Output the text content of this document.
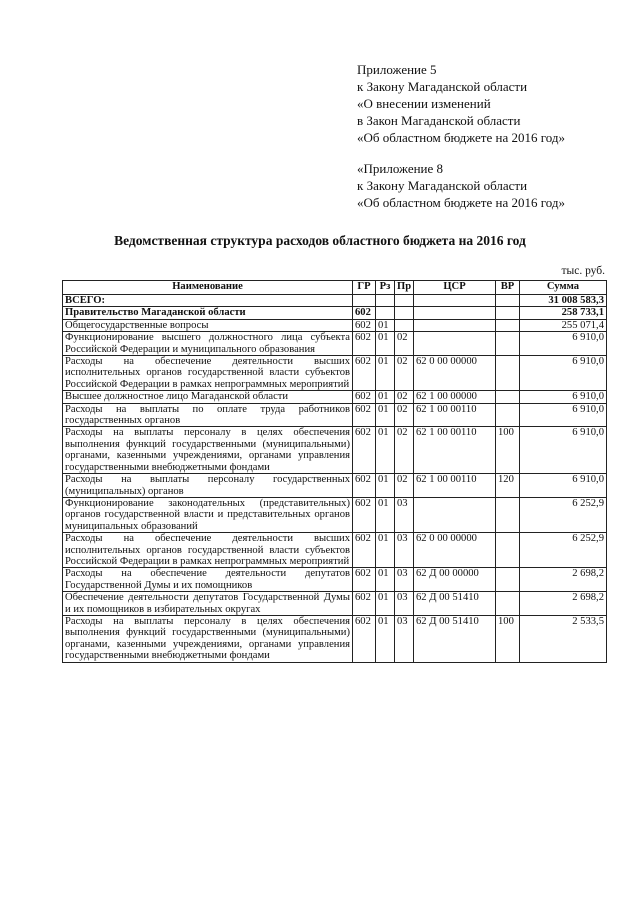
Приложение 5
к Закону Магаданской области
«О внесении изменений
в Закон Магаданской области
«Об областном бюджете на 2016 год»
«Приложение 8
к Закону Магаданской области
«Об областном бюджете на 2016 год»
Ведомственная структура расходов областного бюджета на 2016 год
тыс. руб.
Наименование	ГР	Рз	Пр	ЦСР	ВР	Сумма
ВСЕГО:						31 008 583,3
Правительство Магаданской области	602					258 733,1
Общегосударственные вопросы	602	01				255 071,4
Функционирование высшего должностного лица субъекта Российской Федерации и муниципального образования	602	01	02			6 910,0
Расходы на обеспечение деятельности высших исполнительных органов государственной власти субъектов Российской Федерации в рамках непрограммных мероприятий	602	01	02	62 0 00 00000		6 910,0
Высшее должностное лицо Магаданской области	602	01	02	62 1 00 00000		6 910,0
Расходы на выплаты по оплате труда работников государственных органов	602	01	02	62 1 00 00110		6 910,0
Расходы на выплаты персоналу в целях обеспечения выполнения функций государственными (муниципальными) органами, казенными учреждениями, органами управления государственными внебюджетными фондами	602	01	02	62 1 00 00110	100	6 910,0
Расходы на выплаты персоналу государственных (муниципальных) органов	602	01	02	62 1 00 00110	120	6 910,0
Функционирование законодательных (представительных) органов государственной власти и представительных органов муниципальных образований	602	01	03			6 252,9
Расходы на обеспечение деятельности высших исполнительных органов государственной власти субъектов Российской Федерации в рамках непрограммных мероприятий	602	01	03	62 0 00 00000		6 252,9
Расходы на обеспечение деятельности депутатов Государственной Думы и их помощников	602	01	03	62 Д 00 00000		2 698,2
Обеспечение деятельности депутатов Государственной Думы и их помощников в избирательных округах	602	01	03	62 Д 00 51410		2 698,2
Расходы на выплаты персоналу в целях обеспечения выполнения функций государственными (муниципальными) органами, казенными учреждениями, органами управления государственными внебюджетными фондами	602	01	03	62 Д 00 51410	100	2 533,5
